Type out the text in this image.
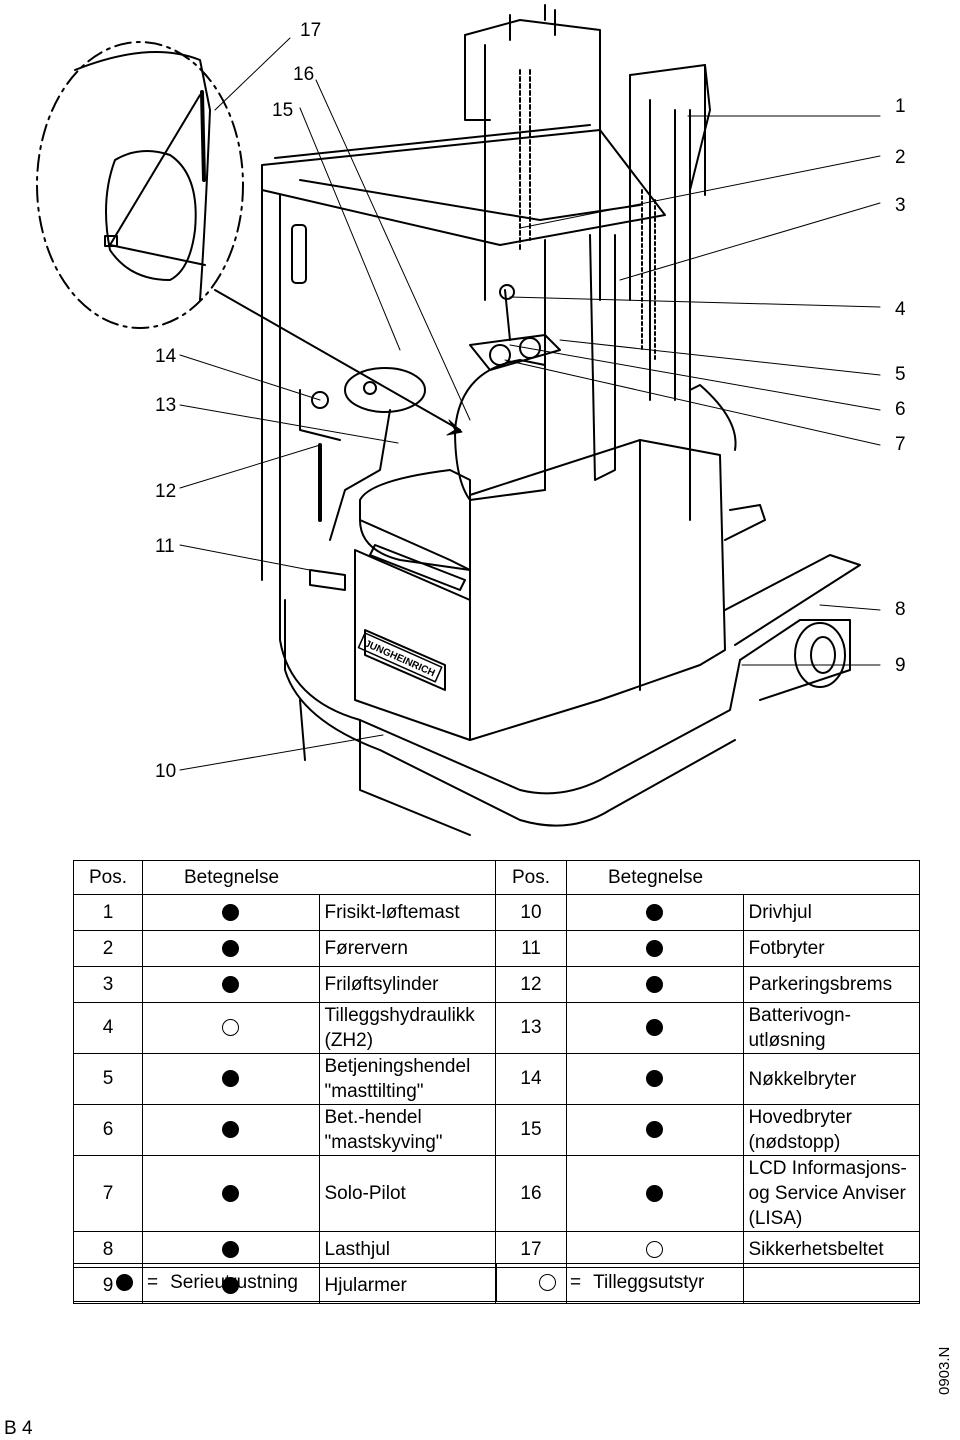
JUNGHEINRICH
17
16
15	1
2
3
4
5
6
7
8
9
10
11
12
13
14
Pos.	Betegnelse		Pos.	Betegnelse	
1		Frisikt-løftemast	10		Drivhjul
2		Førervern	11		Fotbryter
3		Friløftsylinder	12		Parkeringsbrems
4		Tilleggshydraulikk (ZH2)	13		Batterivogn-utløsning
5		Betjeningshendel "masttilting"	14		Nøkkelbryter
6		Bet.-hendel "mastskyving"	15		Hovedbryter (nødstopp)
7		Solo-Pilot	16		LCD Informasjons- og Service Anviser (LISA)
8		Lasthjul	17		Sikkerhetsbeltet
9		Hjularmer			
= Serieutrustning	= Tilleggsutstyr
0903.N
B 4
